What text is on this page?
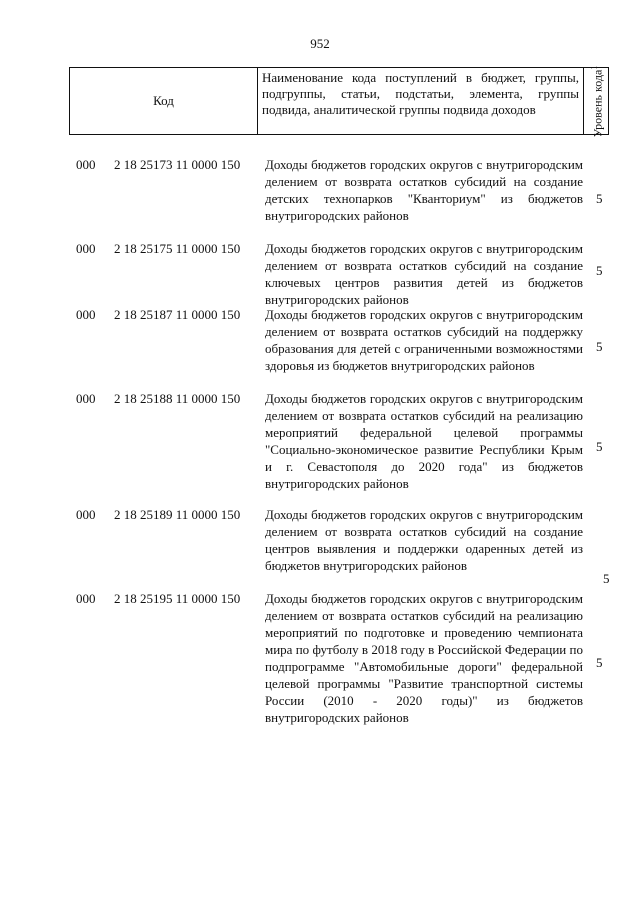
952
Код
Наименование кода поступлений в бюджет, группы, подгруппы, статьи, подстатьи, элемента, группы подвида, аналитической группы подвида доходов	Уровень кода$^1$
000 2 18 25173 11 0000 150 Доходы бюджетов городских округов с внутригородским делением от возврата остатков субсидий на создание детских технопарков "Кванториум" из бюджетов внутригородских районов
5
000 2 18 25175 11 0000 150 Доходы бюджетов городских округов с внутригородским делением от возврата остатков субсидий на создание ключевых центров развития детей из бюджетов внутригородских районов
5
000 2 18 25187 11 0000 150 Доходы бюджетов городских округов с внутригородским делением от возврата остатков субсидий на поддержку образования для детей с ограниченными возможностями здоровья из бюджетов внутригородских районов
5
000 2 18 25188 11 0000 150 Доходы бюджетов городских округов с внутригородским делением от возврата остатков субсидий на реализацию мероприятий федеральной целевой программы "Социально-экономическое развитие Республики Крым и г. Севастополя до 2020 года" из бюджетов внутригородских районов
5
000 2 18 25189 11 0000 150 Доходы бюджетов городских округов с внутригородским делением от возврата остатков субсидий на создание центров выявления и поддержки одаренных детей из бюджетов внутригородских районов
5
000 2 18 25195 11 0000 150 Доходы бюджетов городских округов с внутригородским делением от возврата остатков субсидий на реализацию мероприятий по подготовке и проведению чемпионата мира по футболу в 2018 году в Российской Федерации по подпрограмме "Автомобильные дороги" федеральной целевой программы "Развитие транспортной системы России (2010 - 2020 годы)" из бюджетов внутригородских районов
5
